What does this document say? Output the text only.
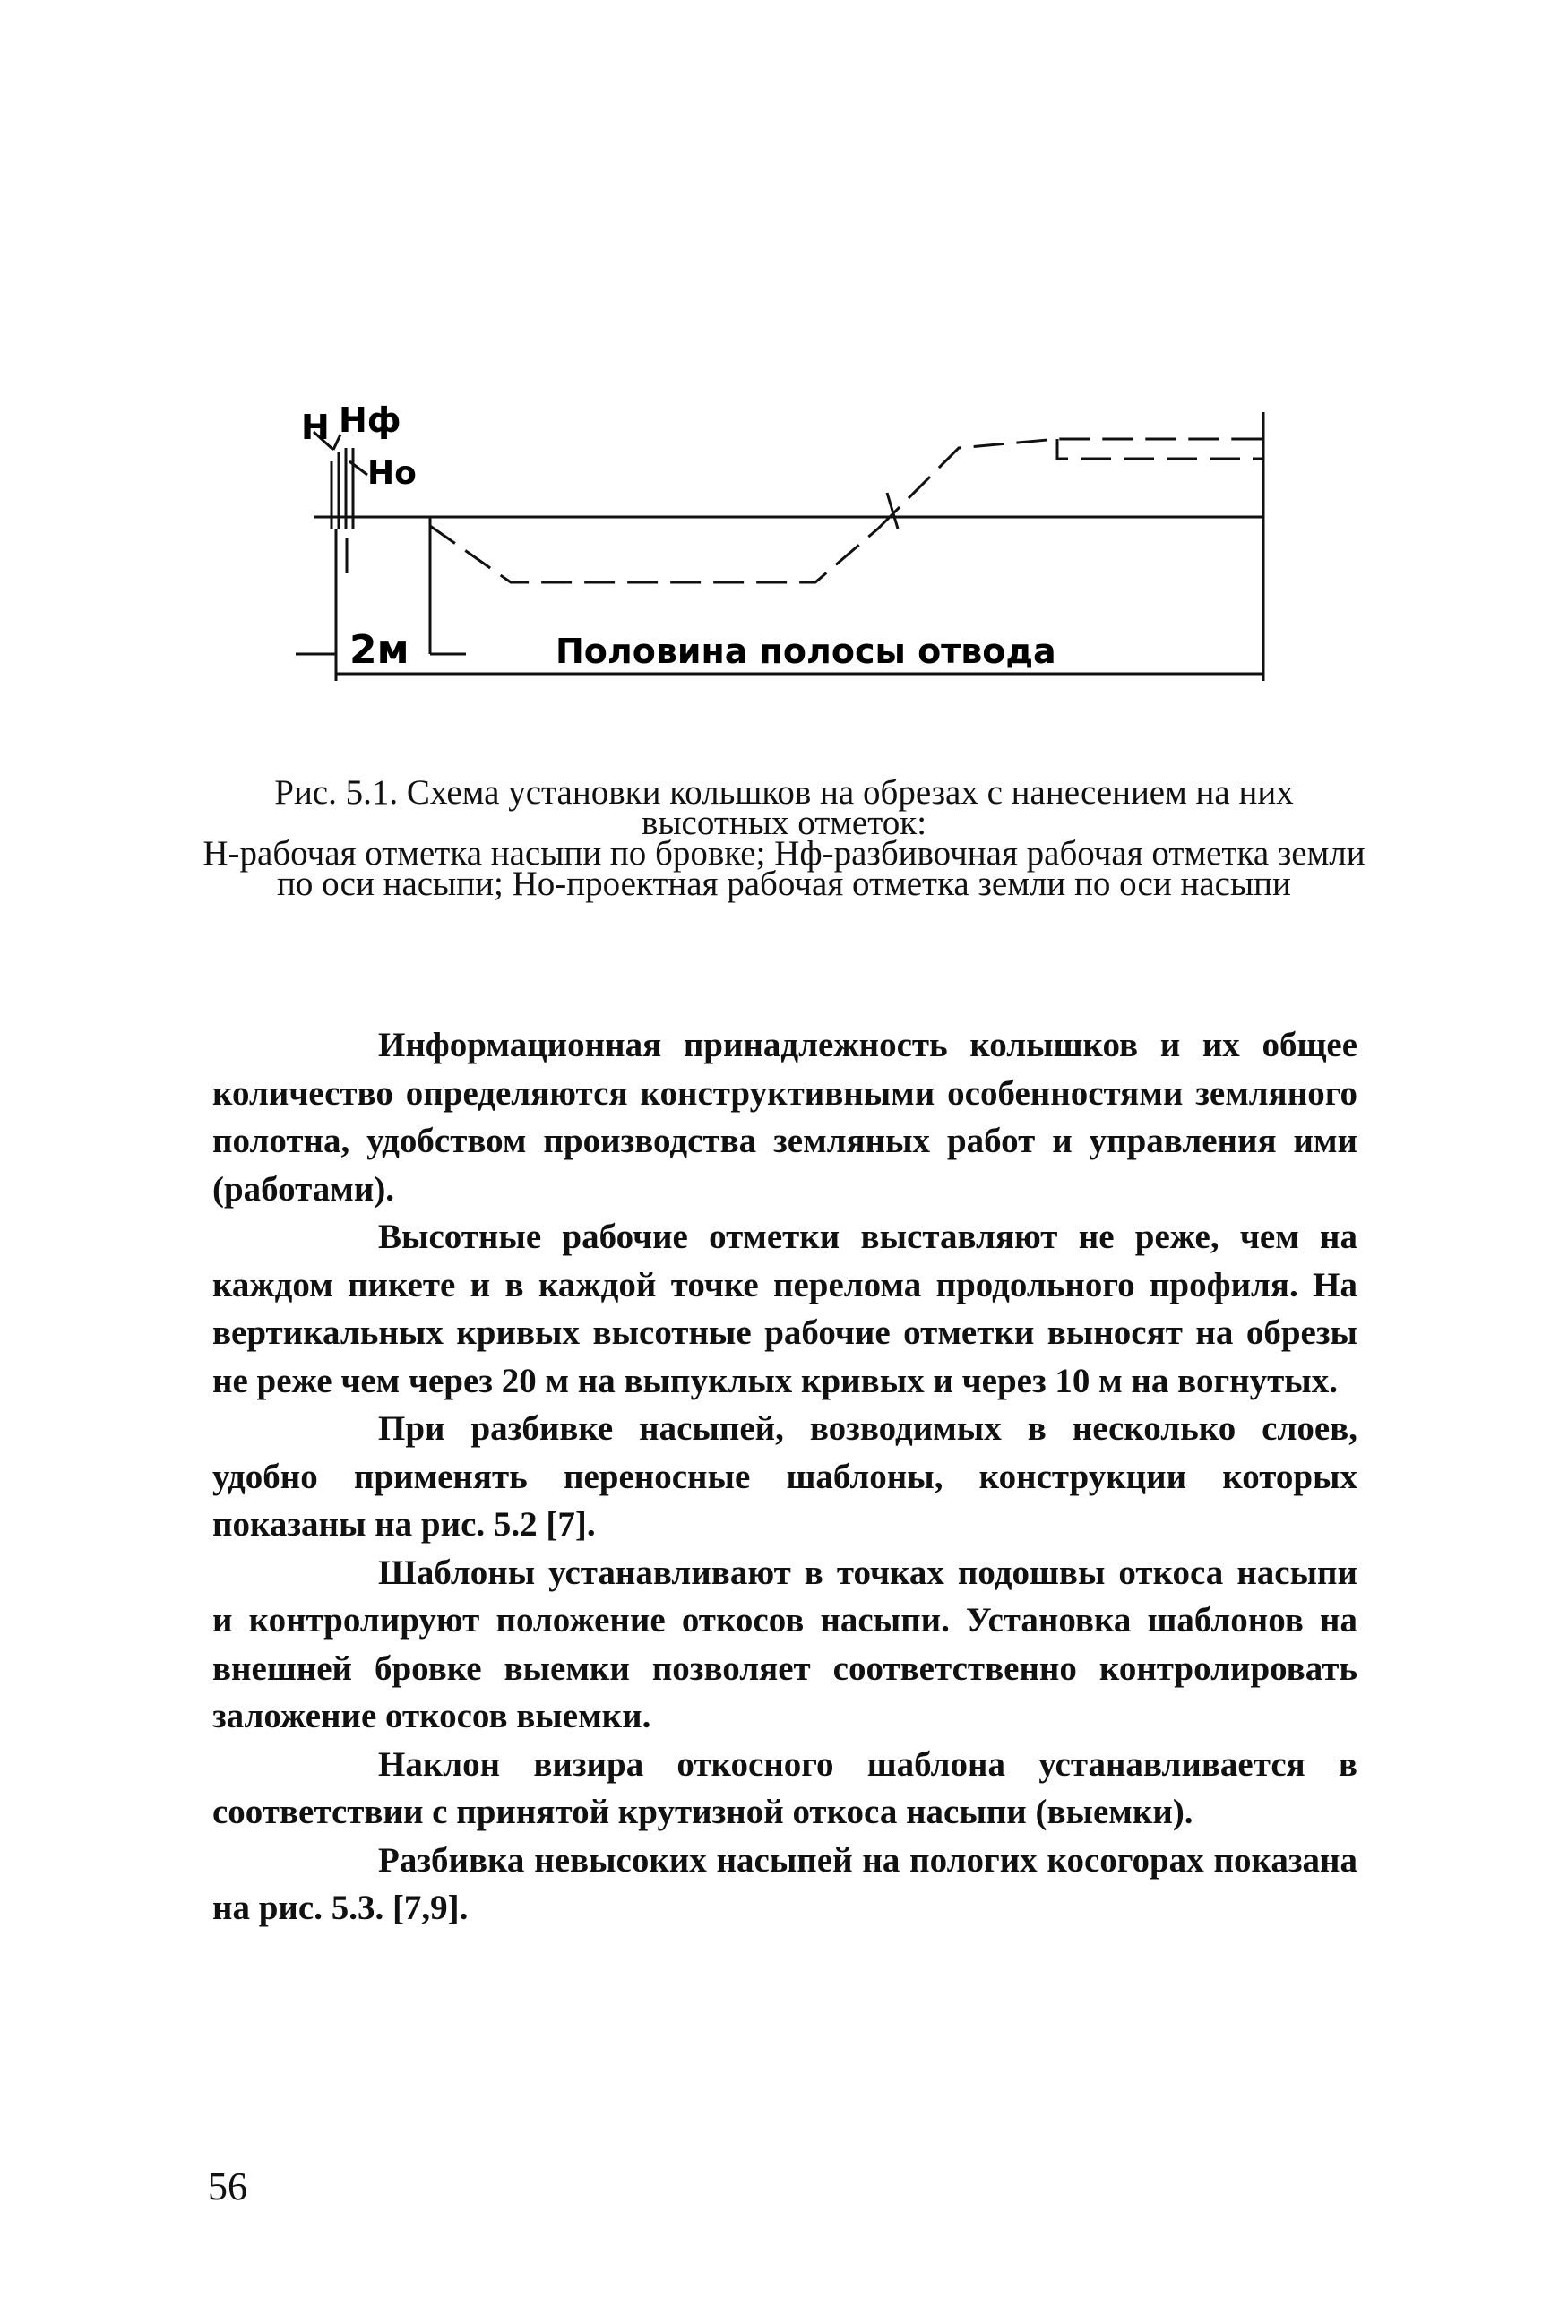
Н Нф
Но
2м	Половина полосы отвода

Рис. 5.1. Схема установки кольшков на обрезах с нанесением на них высотных отметок:

Н-рабочая отметка насыпи по бровке; Нф-разбивочная рабочая отметка земли по оси насыпи; Но-проектная рабочая отметка земли по оси насыпи

Информационная принадлежность колышков и их общее количество определяются конструктивными особенностями земляного полотна, удобством производства земляных работ и управления ими (работами).

Высотные рабочие отметки выставляют не реже, чем на каждом пикете и в каждой точке перелома продольного профиля. На вертикальных кривых высотные рабочие отметки выносят на обрезы не реже чем через 20 м на выпуклых кривых и через 10 м на вогнутых.

При разбивке насыпей, возводимых в несколько слоев, удобно применять переносные шаблоны, конструкции которых показаны на рис. 5.2 [7].

Шаблоны устанавливают в точках подошвы откоса насыпи и контролируют положение откосов насыпи. Установка шаблонов на внешней бровке выемки позволяет соответственно контролировать заложение откосов выемки.

Наклон визира откосного шаблона устанавливается в соответствии с принятой крутизной откоса насыпи (выемки).

Разбивка невысоких насыпей на пологих косогорах показана на рис. 5.3. [7,9].

56
